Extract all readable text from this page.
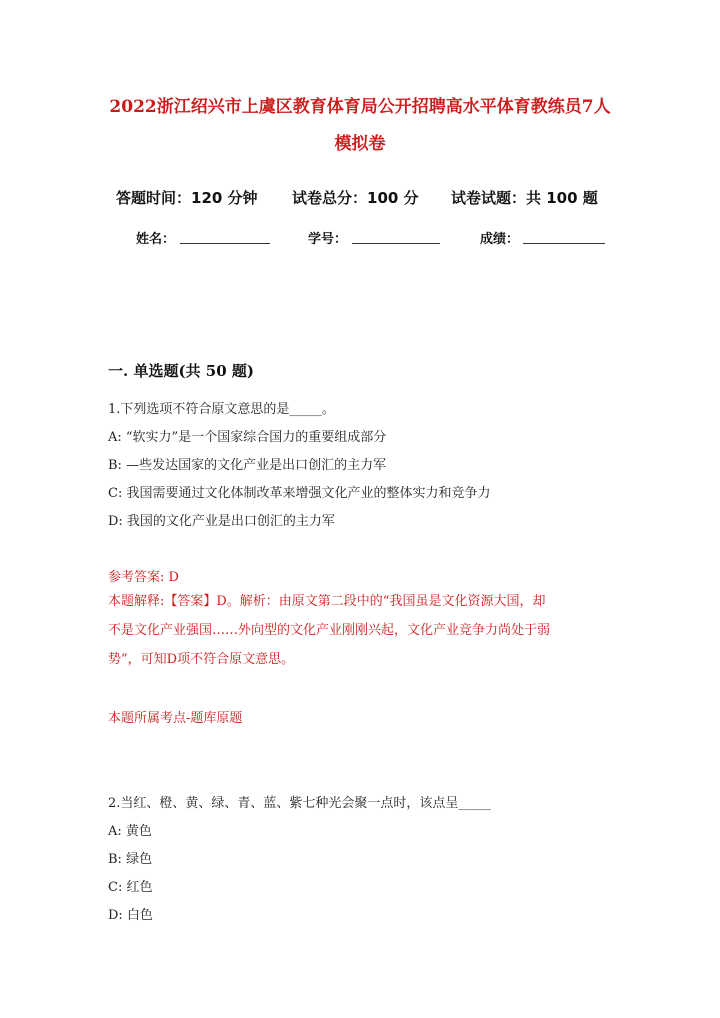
2022浙江绍兴市上虞区教育体育局公开招聘高水平体育教练员7人
模拟卷
答题时间：120 分钟 试卷总分：100 分 试卷试题：共 100 题
姓名：	学号：	成绩：
一. 单选题(共 50 题)
1.下列选项不符合原文意思的是_____。
A: “软实力”是一个国家综合国力的重要组成部分
B: —些发达国家的文化产业是出口创汇的主力军
C: 我国需要通过文化体制改革来增强文化产业的整体实力和竞争力
D: 我国的文化产业是出口创汇的主力军
参考答案: D
本题解释:【答案】D。解析：由原文第二段中的“我国虽是文化资源大国，却
不是文化产业强国……外向型的文化产业刚刚兴起，文化产业竞争力尚处于弱
势”，可知D项不符合原文意思。
本题所属考点-题库原题
2.当红、橙、黄、绿、青、蓝、紫七种光会聚一点时，该点呈_____
A: 黄色
B: 绿色
C: 红色
D: 白色
